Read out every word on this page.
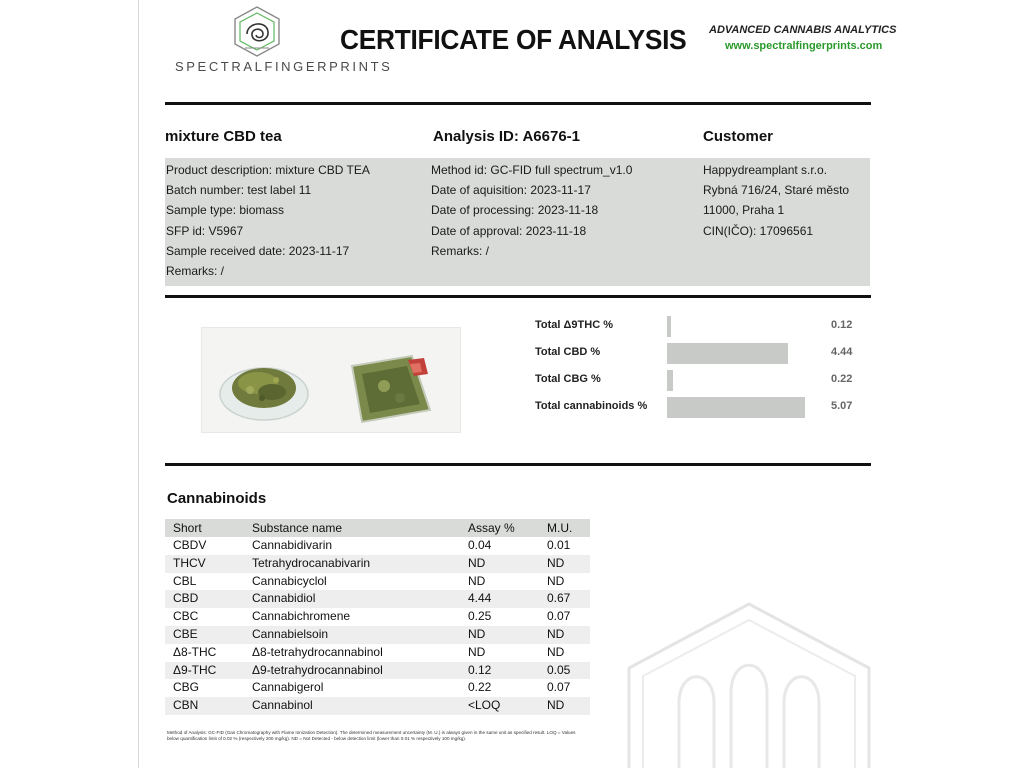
SPECTRALFINGERPRINTS
CERTIFICATE OF ANALYSIS ADVANCED CANNABIS ANALYTICS
www.spectralfingerprints.com
mixture CBD tea	Analysis ID: A6676-1	Customer
Product description: mixture CBD TEA
Batch number: test label 11
Sample type: biomass
SFP id: V5967
Sample received date: 2023-11-17
Remarks: /
Method id: GC-FID full spectrum_v1.0
Date of aquisition: 2023-11-17
Date of processing: 2023-11-18
Date of approval: 2023-11-18
Remarks: /
Happydreamplant s.r.o.
Rybná 716/24, Staré město
11000, Praha 1
CIN(IČO): 17096561
Total Δ9THC %	0.12
Total CBD %	4.44
Total CBG %	0.22
Total cannabinoids %	5.07
Cannabinoids
Short	Substance name	Assay %	M.U.
CBDV	Cannabidivarin	0.04	0.01
THCV	Tetrahydrocanabivarin	ND	ND
CBL	Cannabicyclol	ND	ND
CBD	Cannabidiol	4.44	0.67
CBC	Cannabichromene	0.25	0.07
CBE	Cannabielsoin	ND	ND
Δ8-THC	Δ8-tetrahydrocannabinol	ND	ND
Δ9-THC	Δ9-tetrahydrocannabinol	0.12	0.05
CBG	Cannabigerol	0.22	0.07
CBN	Cannabinol	<LOQ	ND
Method of Analysis: GC-FID (Gas Chromatography with Flame Ionization Detection). The determined measurement uncertainty (M. U.) is always given in the same unit as specified result. LOQ = Values below quantification limit of 0.02 % (respectively 200 mg/kg). ND = Not Detected - below detection limit (lower than 0.01 % respectively 100 mg/kg).
